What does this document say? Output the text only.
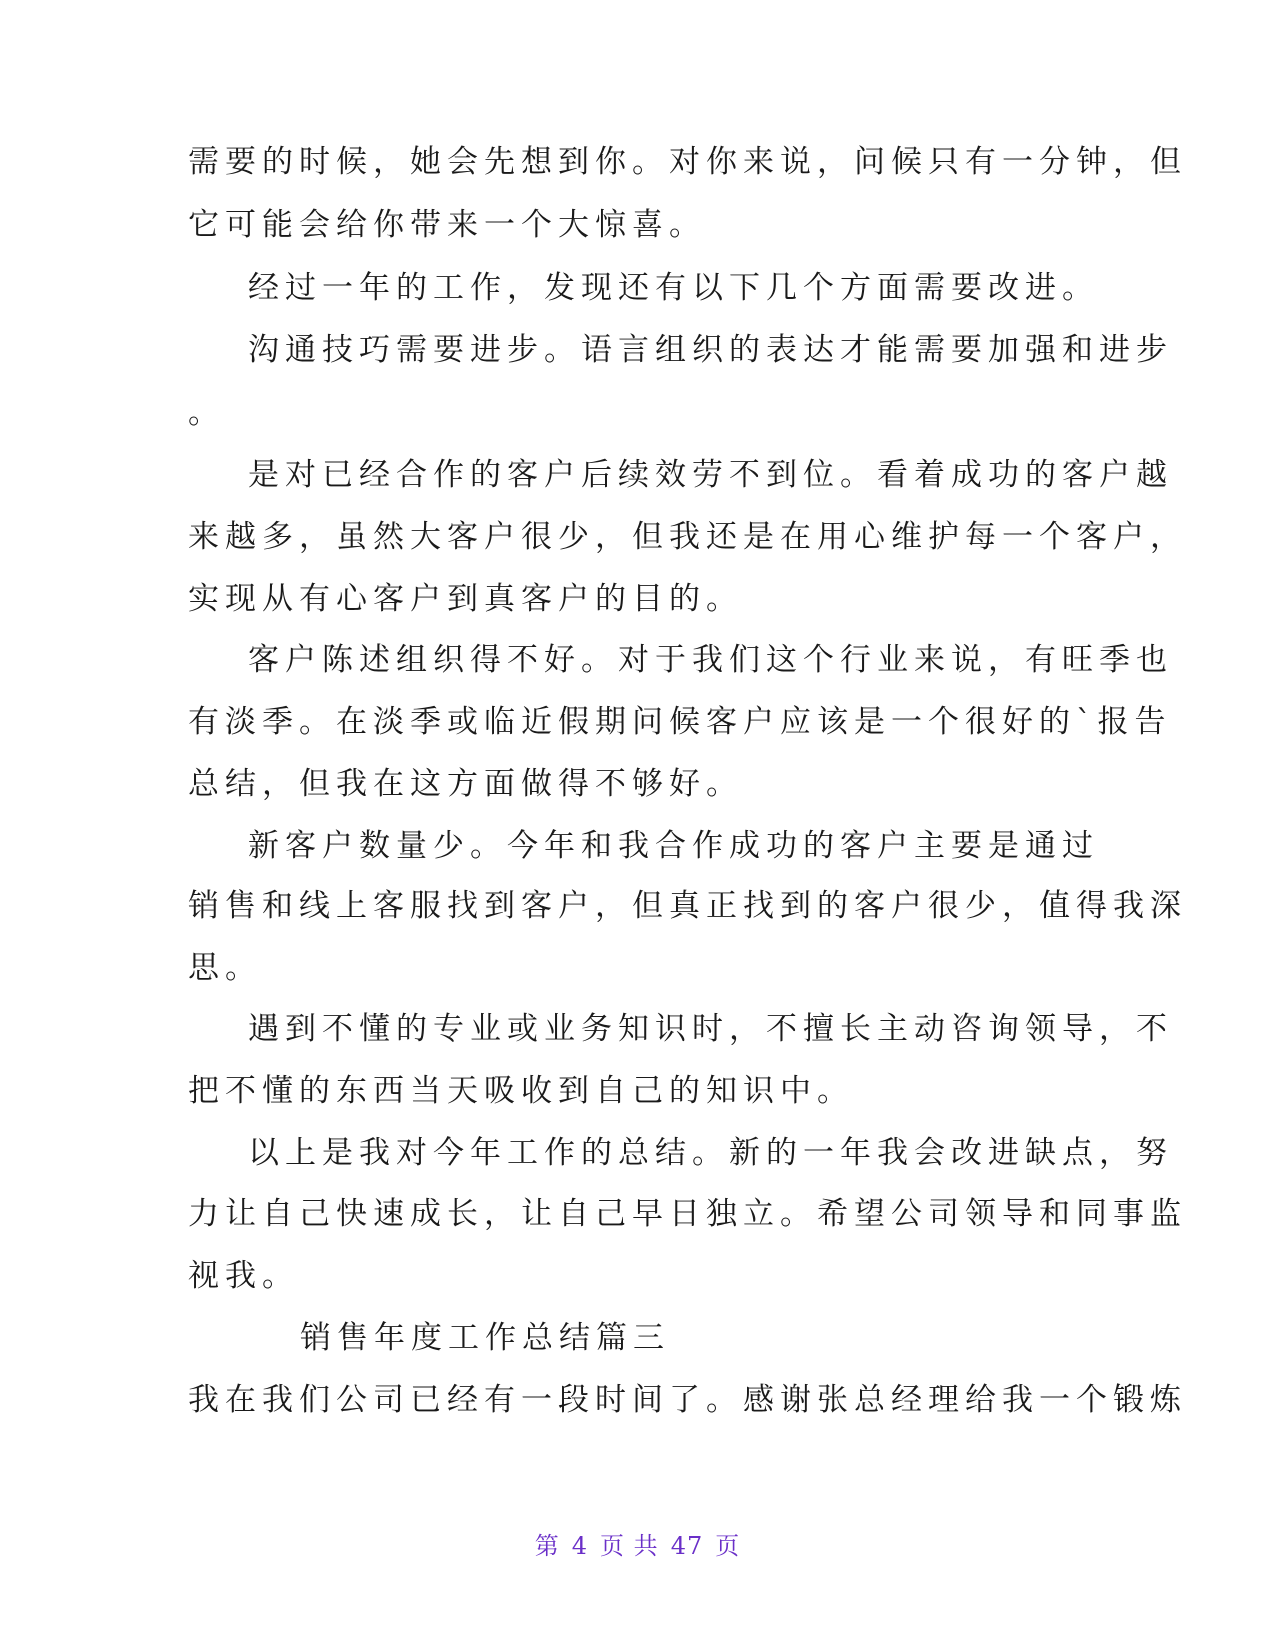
需要的时候，她会先想到你。对你来说，问候只有一分钟，但
它可能会给你带来一个大惊喜。
经过一年的工作，发现还有以下几个方面需要改进。
沟通技巧需要进步。语言组织的表达才能需要加强和进步
。
是对已经合作的客户后续效劳不到位。看着成功的客户越
来越多，虽然大客户很少，但我还是在用心维护每一个客户，
实现从有心客户到真客户的目的。
客户陈述组织得不好。对于我们这个行业来说，有旺季也
有淡季。在淡季或临近假期问候客户应该是一个很好的`报告
总结，但我在这方面做得不够好。
新客户数量少。今年和我合作成功的客户主要是通过
销售和线上客服找到客户，但真正找到的客户很少，值得我深
思。
遇到不懂的专业或业务知识时，不擅长主动咨询领导，不
把不懂的东西当天吸收到自己的知识中。
以上是我对今年工作的总结。新的一年我会改进缺点，努
力让自己快速成长，让自己早日独立。希望公司领导和同事监
视我。
销售年度工作总结篇三
我在我们公司已经有一段时间了。感谢张总经理给我一个锻炼
第 4 页 共 47 页
